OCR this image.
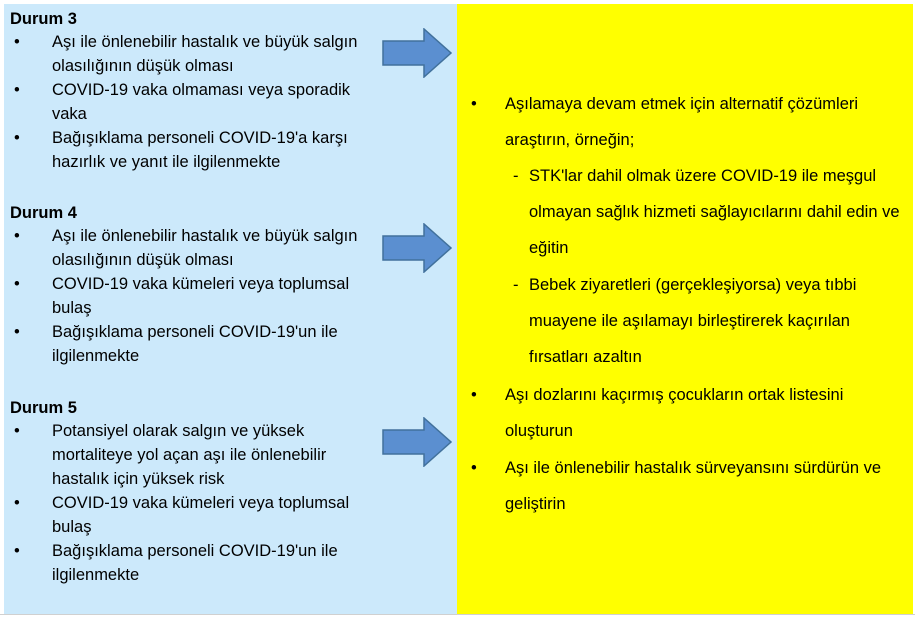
Durum 3
• Aşı ile önlenebilir hastalık ve büyük salgın olasılığının düşük olması
• COVID-19 vaka olmaması veya sporadik vaka
• Bağışıklama personeli COVID-19'a karşı hazırlık ve yanıt ile ilgilenmekte
Durum 4
• Aşı ile önlenebilir hastalık ve büyük salgın olasılığının düşük olması
• COVID-19 vaka kümeleri veya toplumsal bulaş
• Bağışıklama personeli COVID-19'un ile ilgilenmekte
Durum 5
• Potansiyel olarak salgın ve yüksek mortaliteye yol açan aşı ile önlenebilir hastalık için yüksek risk
• COVID-19 vaka kümeleri veya toplumsal bulaş
• Bağışıklama personeli COVID-19'un ile ilgilenmekte
• Aşılamaya devam etmek için alternatif çözümleri araştırın, örneğin;
- STK'lar dahil olmak üzere COVID-19 ile meşgul olmayan sağlık hizmeti sağlayıcılarını dahil edin ve eğitin
- Bebek ziyaretleri (gerçekleşiyorsa) veya tıbbi muayene ile aşılamayı birleştirerek kaçırılan fırsatları azaltın
• Aşı dozlarını kaçırmış çocukların ortak listesini oluşturun
• Aşı ile önlenebilir hastalık sürveyansını sürdürün ve geliştirin
